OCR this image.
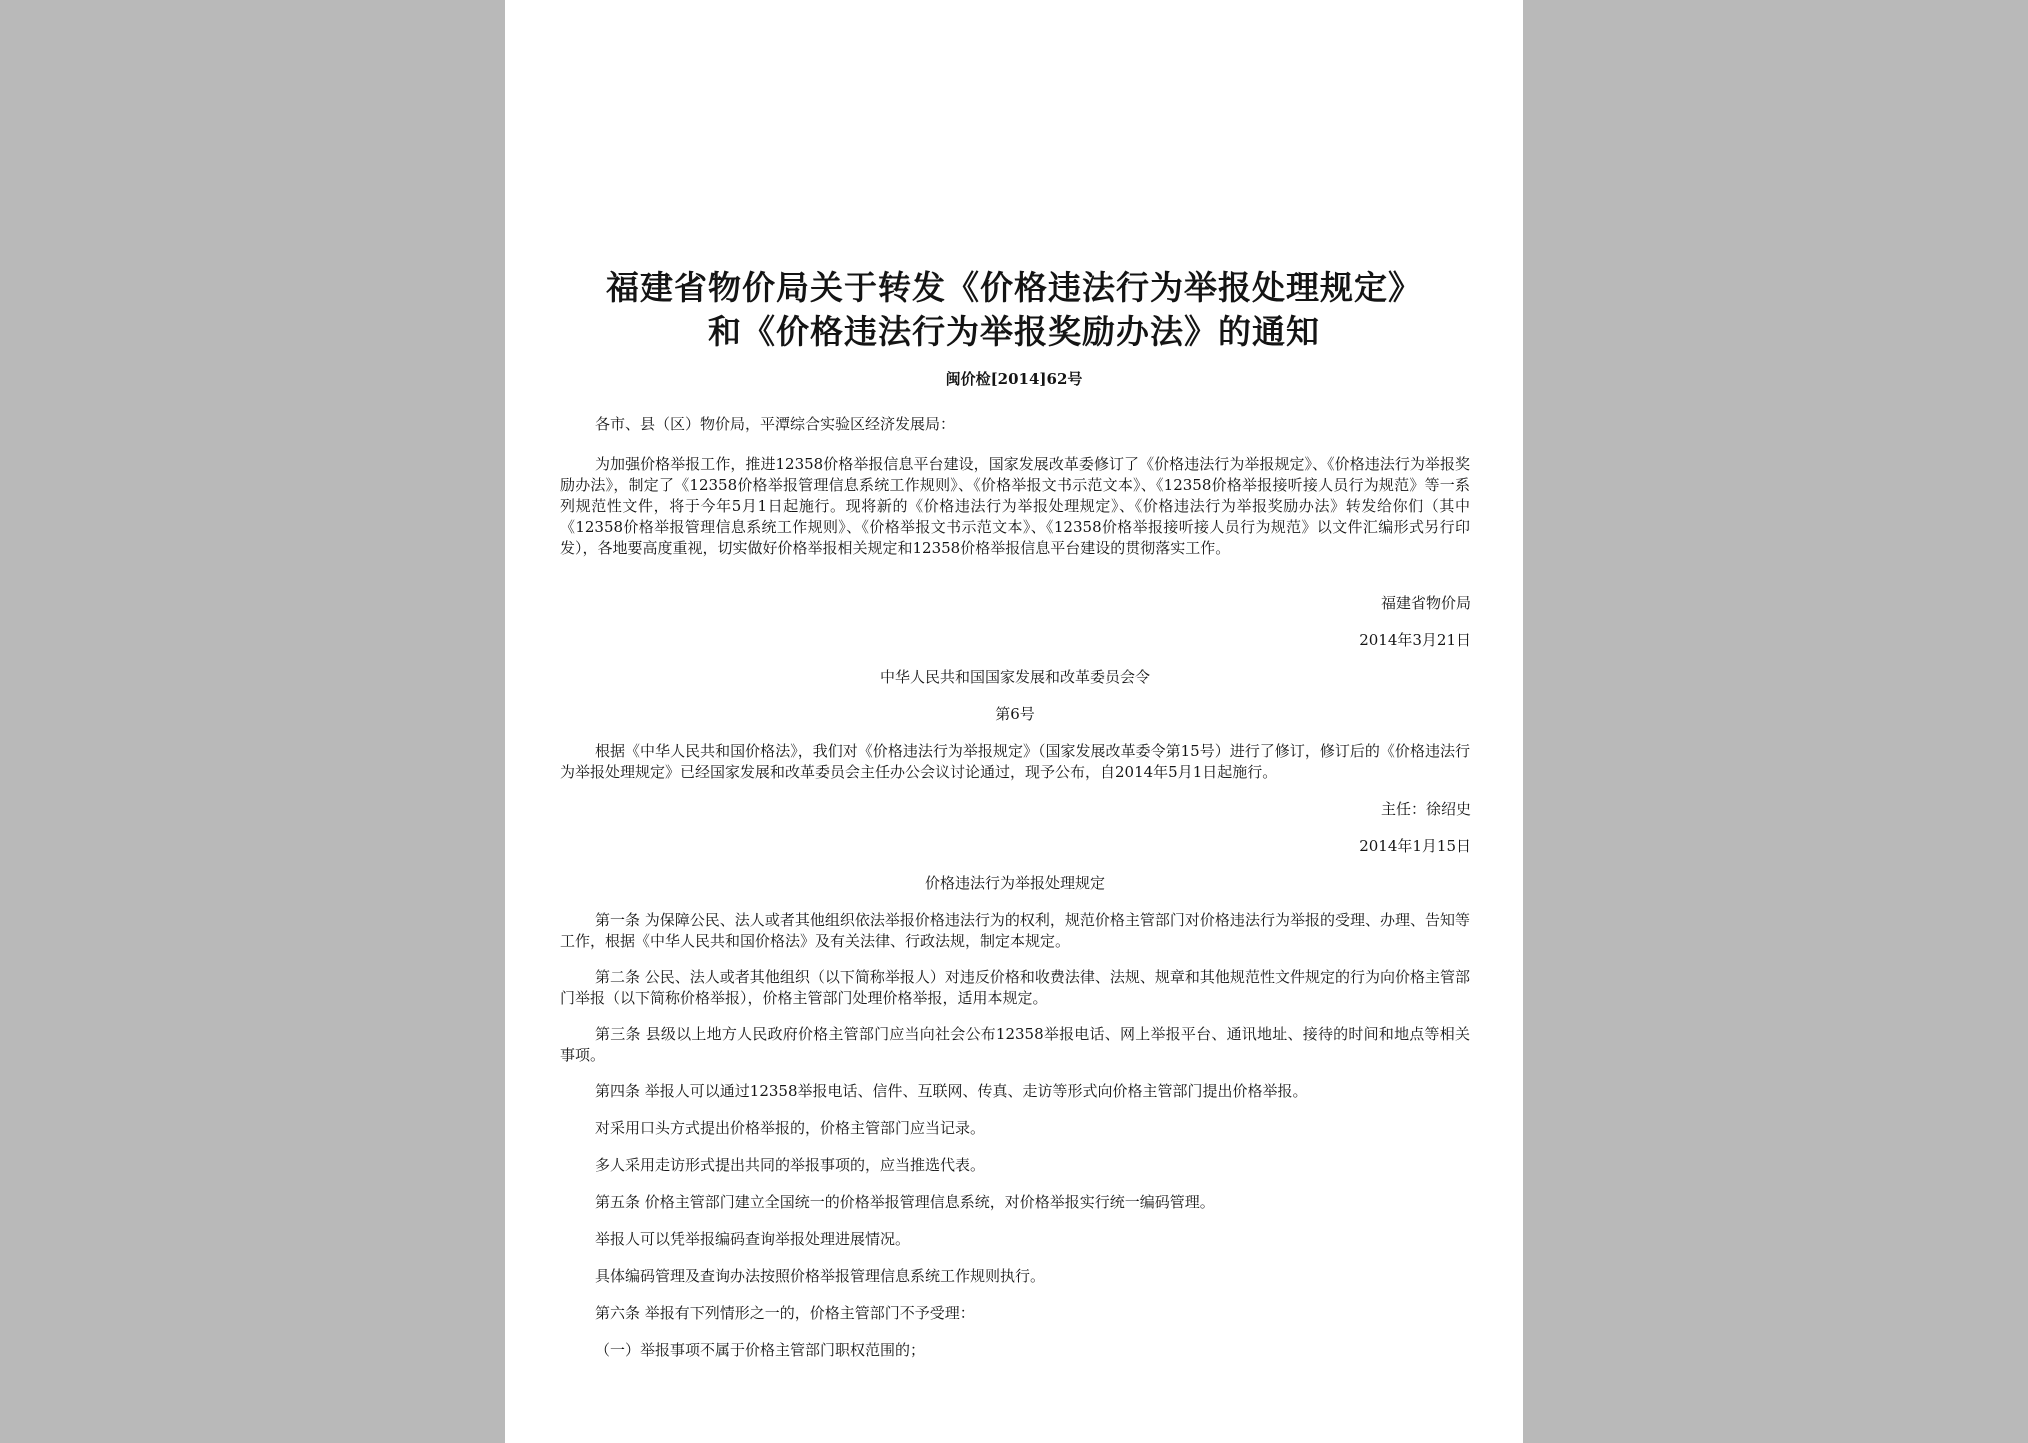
福建省物价局关于转发《价格违法行为举报处理规定》
和《价格违法行为举报奖励办法》的通知
闽价检[2014]62号
各市、县（区）物价局，平潭综合实验区经济发展局：
为加强价格举报工作，推进12358价格举报信息平台建设，国家发展改革委修订了《价格违法行为举报规定》、《价格违法行为举报奖励办法》，制定了《12358价格举报管理信息系统工作规则》、《价格举报文书示范文本》、《12358价格举报接听接人员行为规范》等一系列规范性文件，将于今年5月1日起施行。现将新的《价格违法行为举报处理规定》、《价格违法行为举报奖励办法》转发给你们（其中《12358价格举报管理信息系统工作规则》、《价格举报文书示范文本》、《12358价格举报接听接人员行为规范》以文件汇编形式另行印发），各地要高度重视，切实做好价格举报相关规定和12358价格举报信息平台建设的贯彻落实工作。
福建省物价局
2014年3月21日
中华人民共和国国家发展和改革委员会令
第6号
根据《中华人民共和国价格法》，我们对《价格违法行为举报规定》（国家发展改革委令第15号）进行了修订，修订后的《价格违法行为举报处理规定》已经国家发展和改革委员会主任办公会议讨论通过，现予公布，自2014年5月1日起施行。
主任：徐绍史
2014年1月15日
价格违法行为举报处理规定
第一条 为保障公民、法人或者其他组织依法举报价格违法行为的权利，规范价格主管部门对价格违法行为举报的受理、办理、告知等工作，根据《中华人民共和国价格法》及有关法律、行政法规，制定本规定。
第二条 公民、法人或者其他组织（以下简称举报人）对违反价格和收费法律、法规、规章和其他规范性文件规定的行为向价格主管部门举报（以下简称价格举报），价格主管部门处理价格举报，适用本规定。
第三条 县级以上地方人民政府价格主管部门应当向社会公布12358举报电话、网上举报平台、通讯地址、接待的时间和地点等相关事项。
第四条 举报人可以通过12358举报电话、信件、互联网、传真、走访等形式向价格主管部门提出价格举报。
对采用口头方式提出价格举报的，价格主管部门应当记录。
多人采用走访形式提出共同的举报事项的，应当推选代表。
第五条 价格主管部门建立全国统一的价格举报管理信息系统，对价格举报实行统一编码管理。
举报人可以凭举报编码查询举报处理进展情况。
具体编码管理及查询办法按照价格举报管理信息系统工作规则执行。
第六条 举报有下列情形之一的，价格主管部门不予受理：
（一）举报事项不属于价格主管部门职权范围的；
